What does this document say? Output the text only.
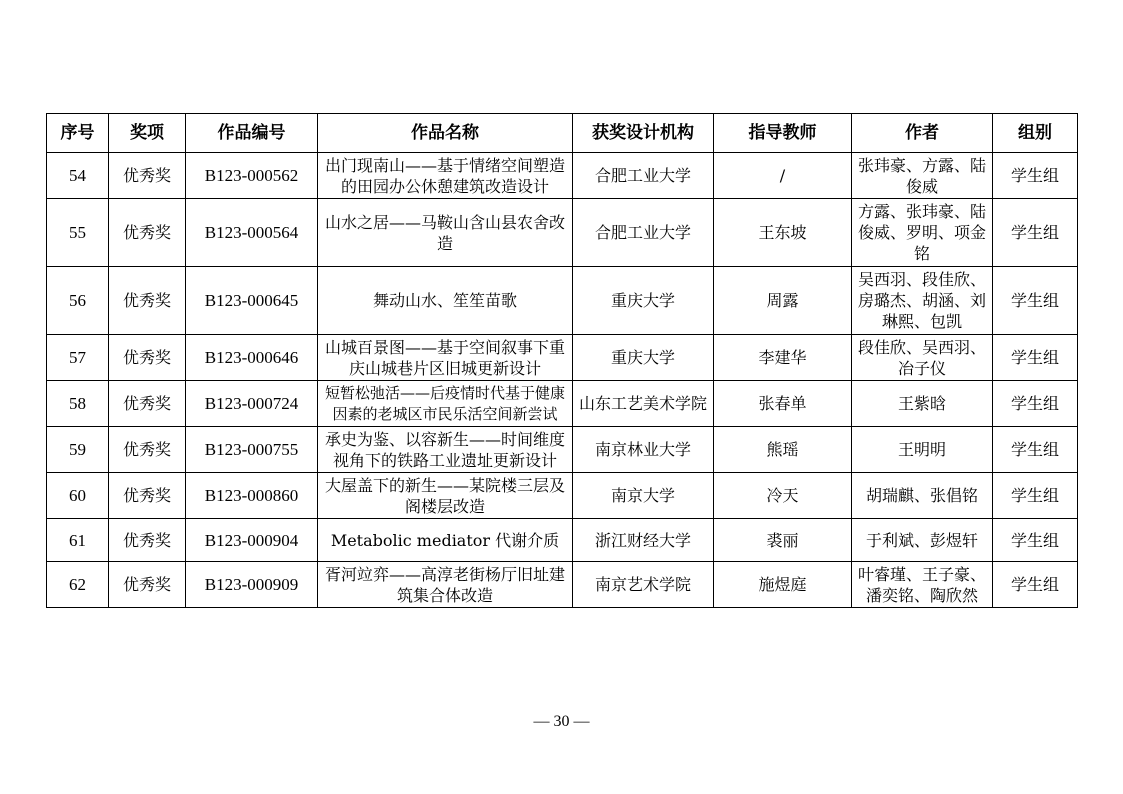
序号	奖项	作品编号	作品名称	获奖设计机构	指导教师	作者	组别
54	优秀奖	B123-000562	出门现南山——基于情绪空间塑造的田园办公休憩建筑改造设计	合肥工业大学	/	张玮豪、方露、陆俊威	学生组
55	优秀奖	B123-000564	山水之居——马鞍山含山县农舍改造	合肥工业大学	王东坡	方露、张玮豪、陆俊威、罗明、项金铭	学生组
56	优秀奖	B123-000645	舞动山水、笙笙苗歌	重庆大学	周露	吴西羽、段佳欣、房璐杰、胡涵、刘琳熙、包凯	学生组
57	优秀奖	B123-000646	山城百景图——基于空间叙事下重庆山城巷片区旧城更新设计	重庆大学	李建华	段佳欣、吴西羽、冶子仪	学生组
58	优秀奖	B123-000724	短暂松弛活——后疫情时代基于健康因素的老城区市民乐活空间新尝试	山东工艺美术学院	张春单	王紫晗	学生组
59	优秀奖	B123-000755	承史为鉴、以容新生——时间维度视角下的铁路工业遗址更新设计	南京林业大学	熊瑶	王明明	学生组
60	优秀奖	B123-000860	大屋盖下的新生——某院楼三层及阁楼层改造	南京大学	冷天	胡瑞麒、张倡铭	学生组
61	优秀奖	B123-000904	Metabolic mediator 代谢介质	浙江财经大学	裘丽	于利斌、彭煜轩	学生组
62	优秀奖	B123-000909	胥河竝弈——高淳老街杨厅旧址建筑集合体改造	南京艺术学院	施煜庭	叶睿瑾、王子豪、潘奕铭、陶欣然	学生组
— 30 —
